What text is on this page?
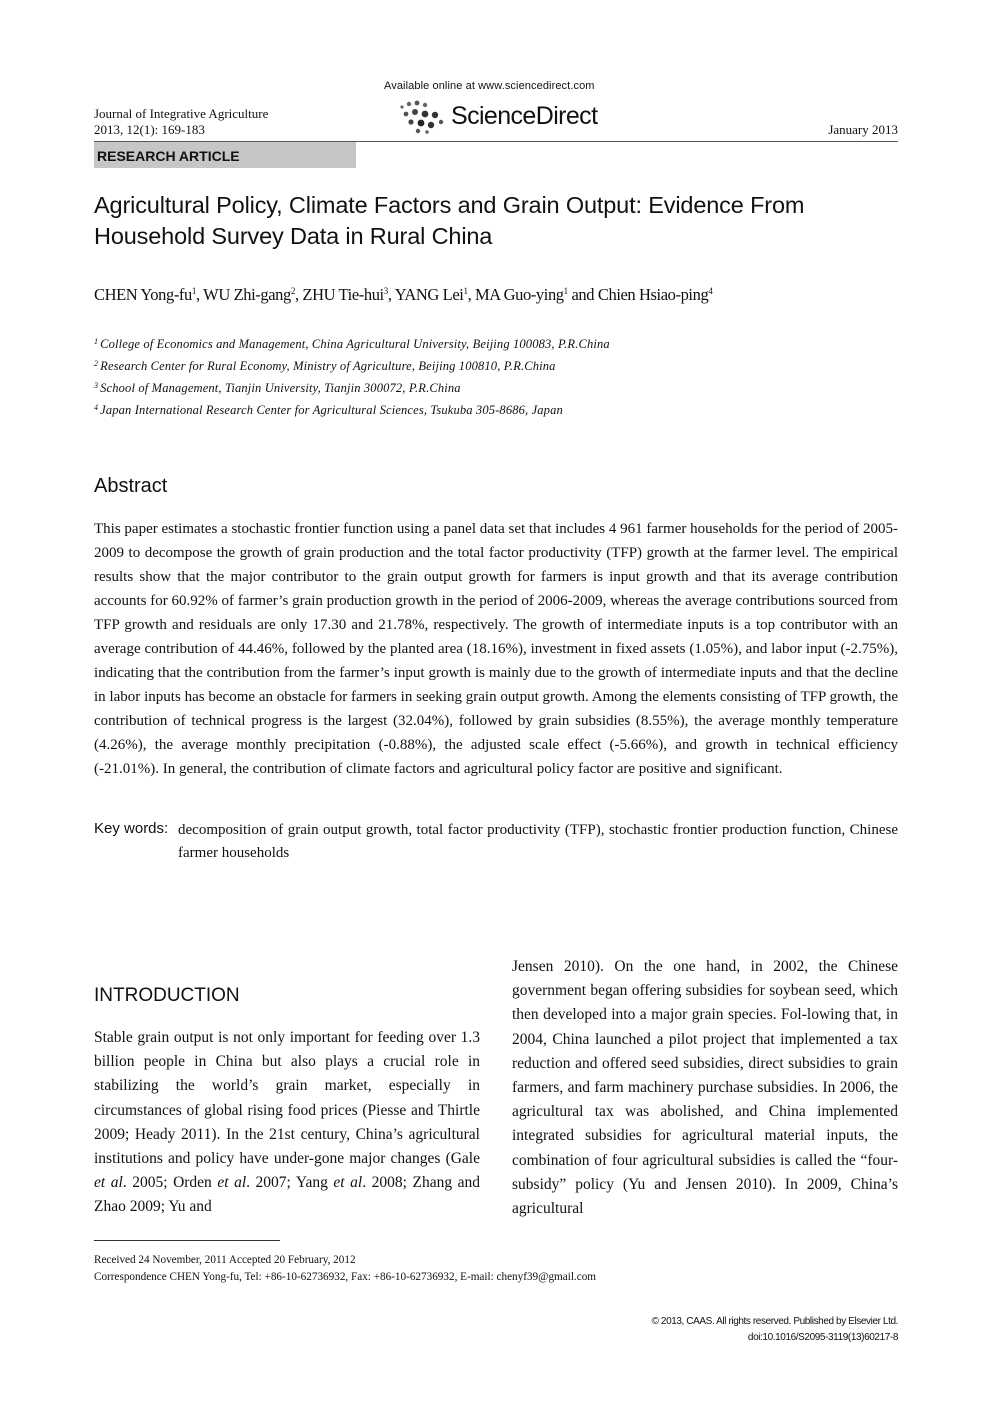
Journal of Integrative Agriculture
2013, 12(1): 169-183
Available online at www.sciencedirect.com
ScienceDirect	January 2013
RESEARCH ARTICLE
Agricultural Policy, Climate Factors and Grain Output: Evidence From Household Survey Data in Rural China
CHEN Yong-$fu^1$, WU Zhi-gang$^2$, ZHU Tie-hui$^3$, YANG Lei$^1$, MA Guo-ying$^1$ and Chien Hsiao-ping$^4$
$^1$ College of Economics and Management, China Agricultural University, Beijing 100083, P.R.China
$^2$ Research Center for Rural Economy, Ministry of Agriculture, Beijing 100810, P.R.China
$^3$ School of Management, Tianjin University, Tianjin 300072, P.R.China
$^4$ Japan International Research Center for Agricultural Sciences, Tsukuba 305-8686, Japan
Abstract
This paper estimates a stochastic frontier function using a panel data set that includes 4 961 farmer households for the period of 2005-2009 to decompose the growth of grain production and the total factor productivity (TFP) growth at the farmer level. The empirical results show that the major contributor to the grain output growth for farmers is input growth and that its average contribution accounts for 60.92% of farmer’s grain production growth in the period of 2006-2009, whereas the average contributions sourced from TFP growth and residuals are only 17.30 and 21.78%, respectively. The growth of intermediate inputs is a top contributor with an average contribution of 44.46%, followed by the planted area (18.16%), investment in fixed assets (1.05%), and labor input (-2.75%), indicating that the contribution from the farmer’s input growth is mainly due to the growth of intermediate inputs and that the decline in labor inputs has become an obstacle for farmers in seeking grain output growth. Among the elements consisting of TFP growth, the contribution of technical progress is the largest (32.04%), followed by grain subsidies (8.55%), the average monthly temperature (4.26%), the average monthly precipitation (-0.88%), the adjusted scale effect (-5.66%), and growth in technical efficiency (-21.01%). In general, the contribution of climate factors and agricultural policy factor are positive and significant.
Key words: decomposition of grain output growth, total factor productivity (TFP), stochastic frontier production function, Chinese farmer households
INTRODUCTION
Stable grain output is not only important for feeding over 1.3 billion people in China but also plays a crucial role in stabilizing the world’s grain market, especially in circumstances of global rising food prices (Piesse and Thirtle 2009; Heady 2011). In the 21st century, China’s agricultural institutions and policy have under-gone major changes (Gale et al. 2005; Orden et al. 2007; Yang et al. 2008; Zhang and Zhao 2009; Yu and
Jensen 2010). On the one hand, in 2002, the Chinese government began offering subsidies for soybean seed, which then developed into a major grain species. Fol-lowing that, in 2004, China launched a pilot project that implemented a tax reduction and offered seed subsidies, direct subsidies to grain farmers, and farm machinery purchase subsidies. In 2006, the agricultural tax was abolished, and China implemented integrated subsidies for agricultural material inputs, the combination of four agricultural subsidies is called the “four-subsidy” policy (Yu and Jensen 2010). In 2009, China’s agricultural
Received 24 November, 2011 Accepted 20 February, 2012
Correspondence CHEN Yong-fu, Tel: +86-10-62736932, Fax: +86-10-62736932, E-mail: chenyf39@gmail.com
© 2013, CAAS. All rights reserved. Published by Elsevier Ltd.
doi:10.1016/S2095-3119(13)60217-8
